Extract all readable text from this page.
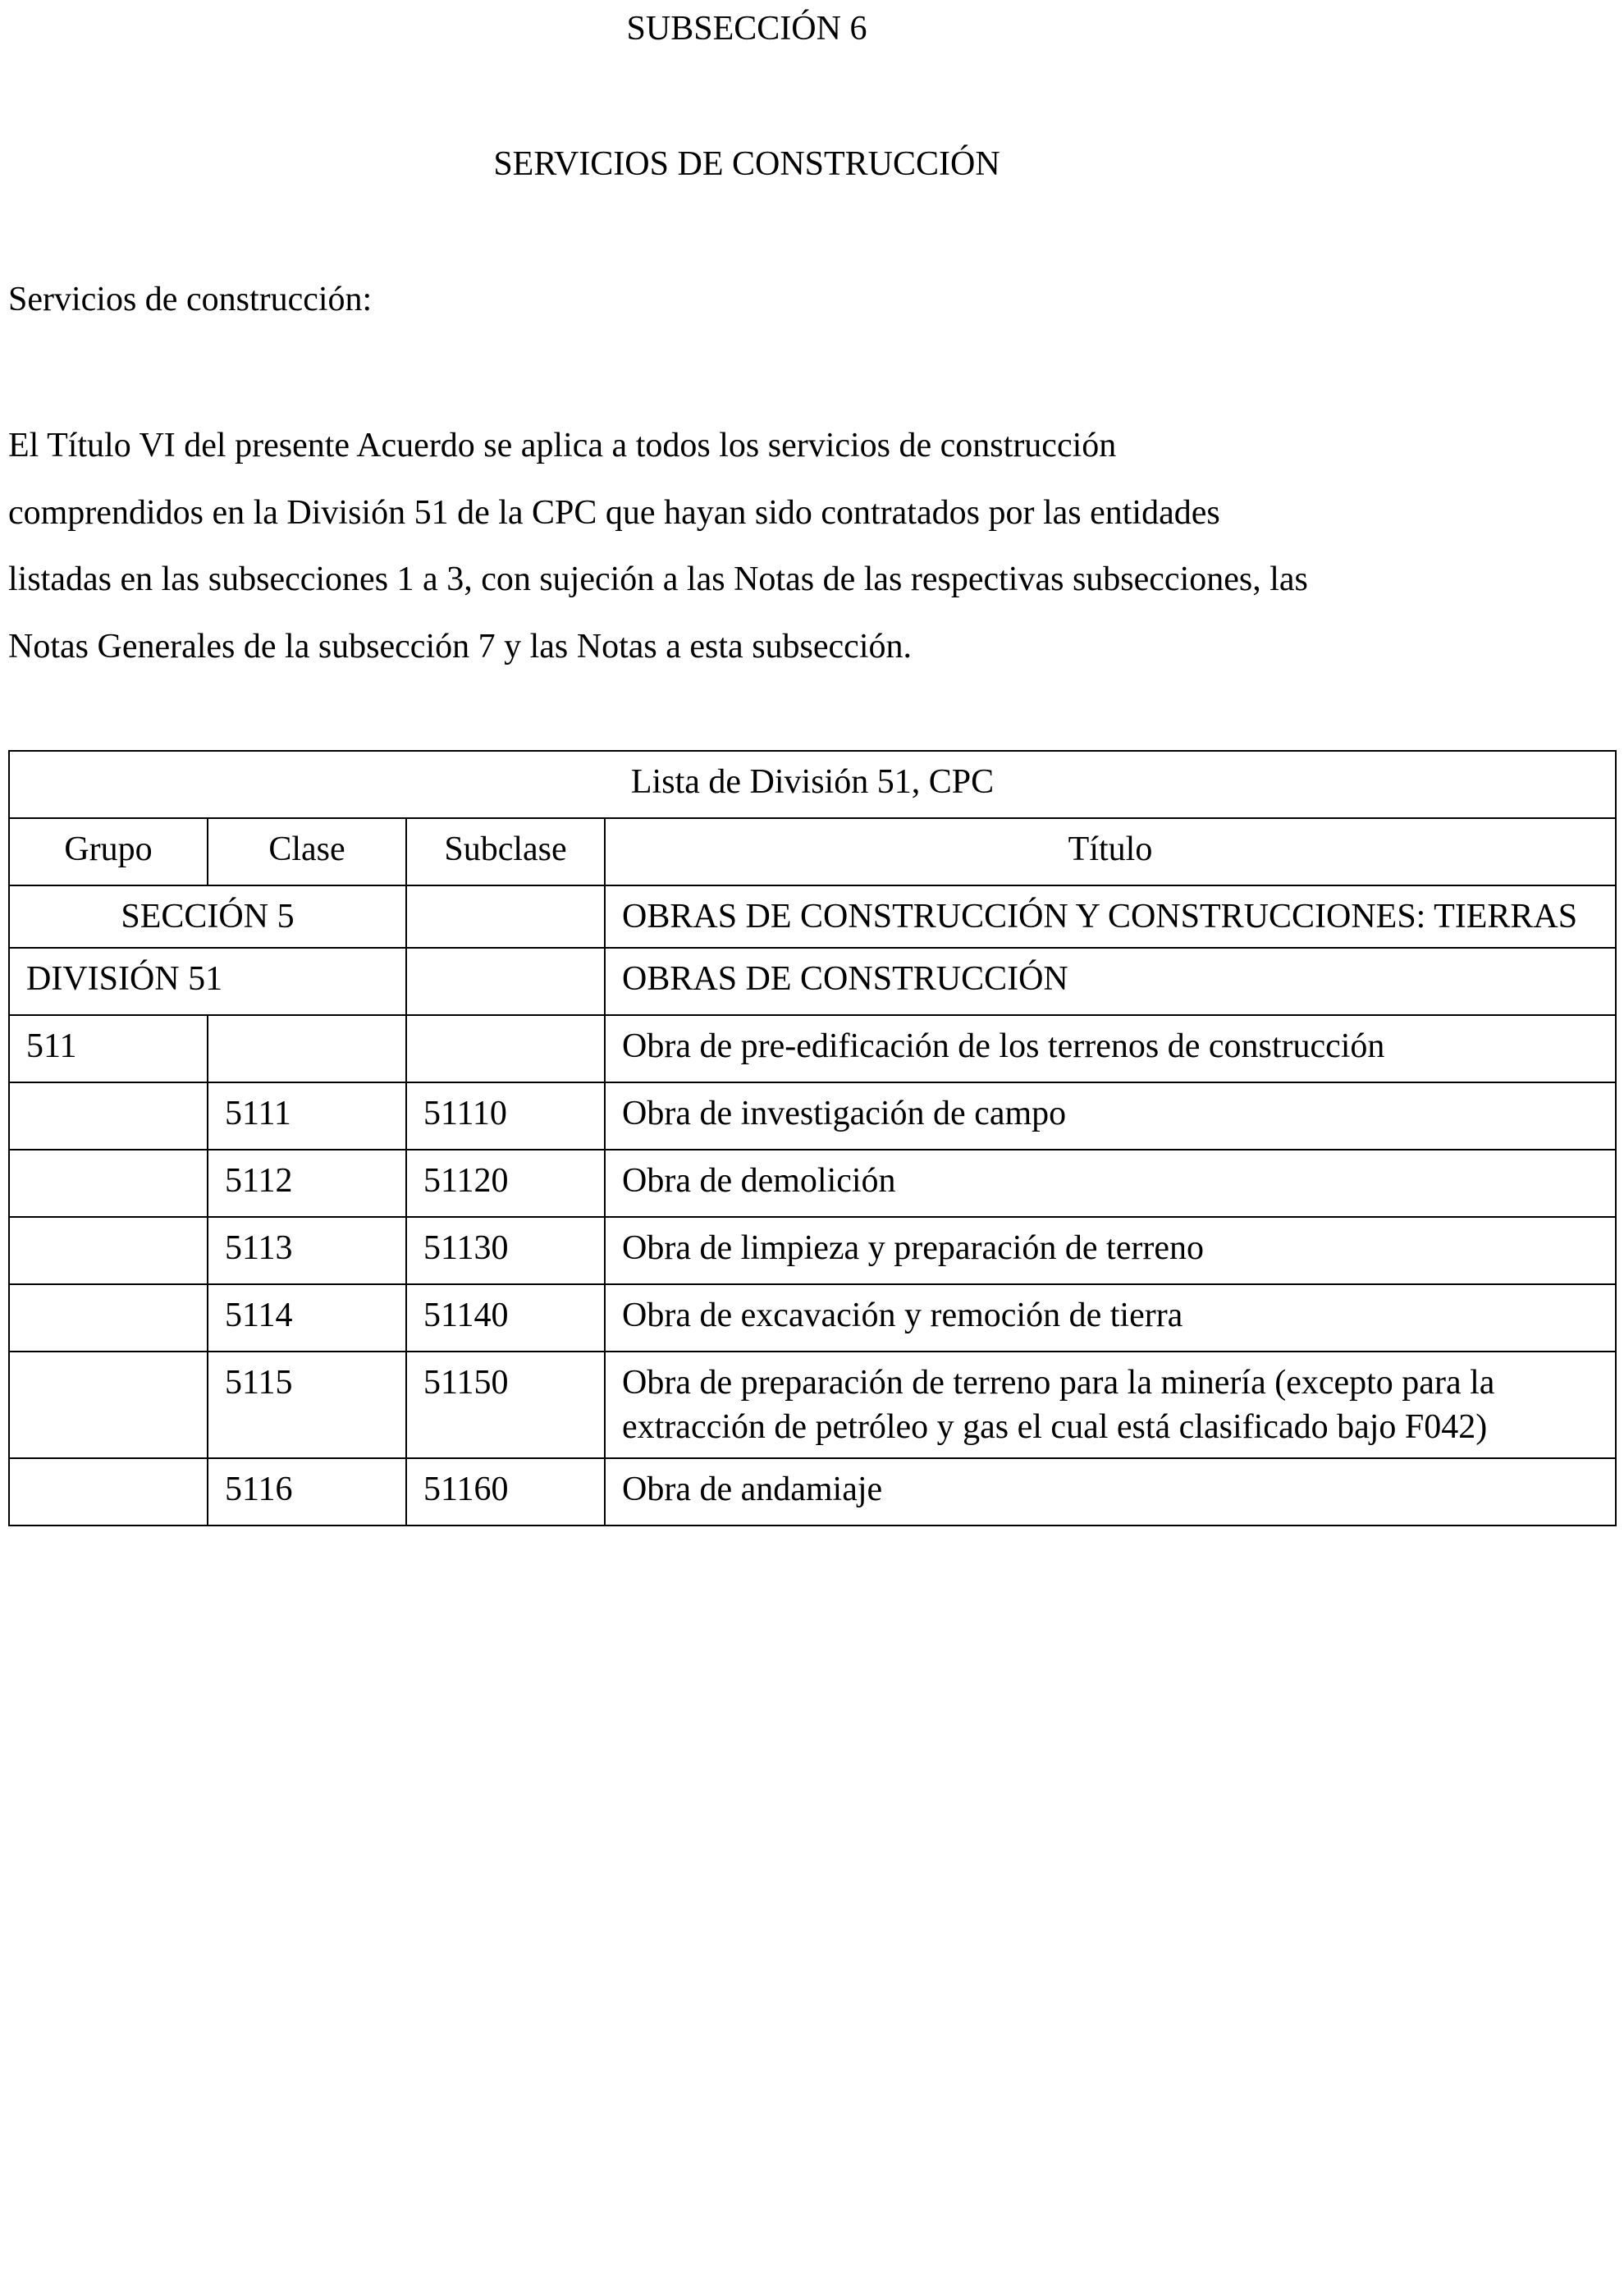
SUBSECCIÓN 6
SERVICIOS DE CONSTRUCCIÓN

Servicios de construcción:

El Título VI del presente Acuerdo se aplica a todos los servicios de construcción
comprendidos en la División 51 de la CPC que hayan sido contratados por las entidades
listadas en las subsecciones 1 a 3, con sujeción a las Notas de las respectivas subsecciones, las
Notas Generales de la subsección 7 y las Notas a esta subsección.

Lista de División 51, CPC			
Grupo	Clase	Subclase	Título
SECCIÓN 5			OBRAS DE CONSTRUCCIÓN Y CONSTRUCCIONES: TIERRAS
DIVISIÓN 51			OBRAS DE CONSTRUCCIÓN
511			Obra de pre-edificación de los terrenos de construcción
	5111	51110	Obra de investigación de campo
	5112	51120	Obra de demolición
	5113	51130	Obra de limpieza y preparación de terreno
	5114	51140	Obra de excavación y remoción de tierra
	5115	51150	Obra de preparación de terreno para la minería (excepto para la extracción de petróleo y gas el cual está clasificado bajo F042)
	5116	51160	Obra de andamiaje
